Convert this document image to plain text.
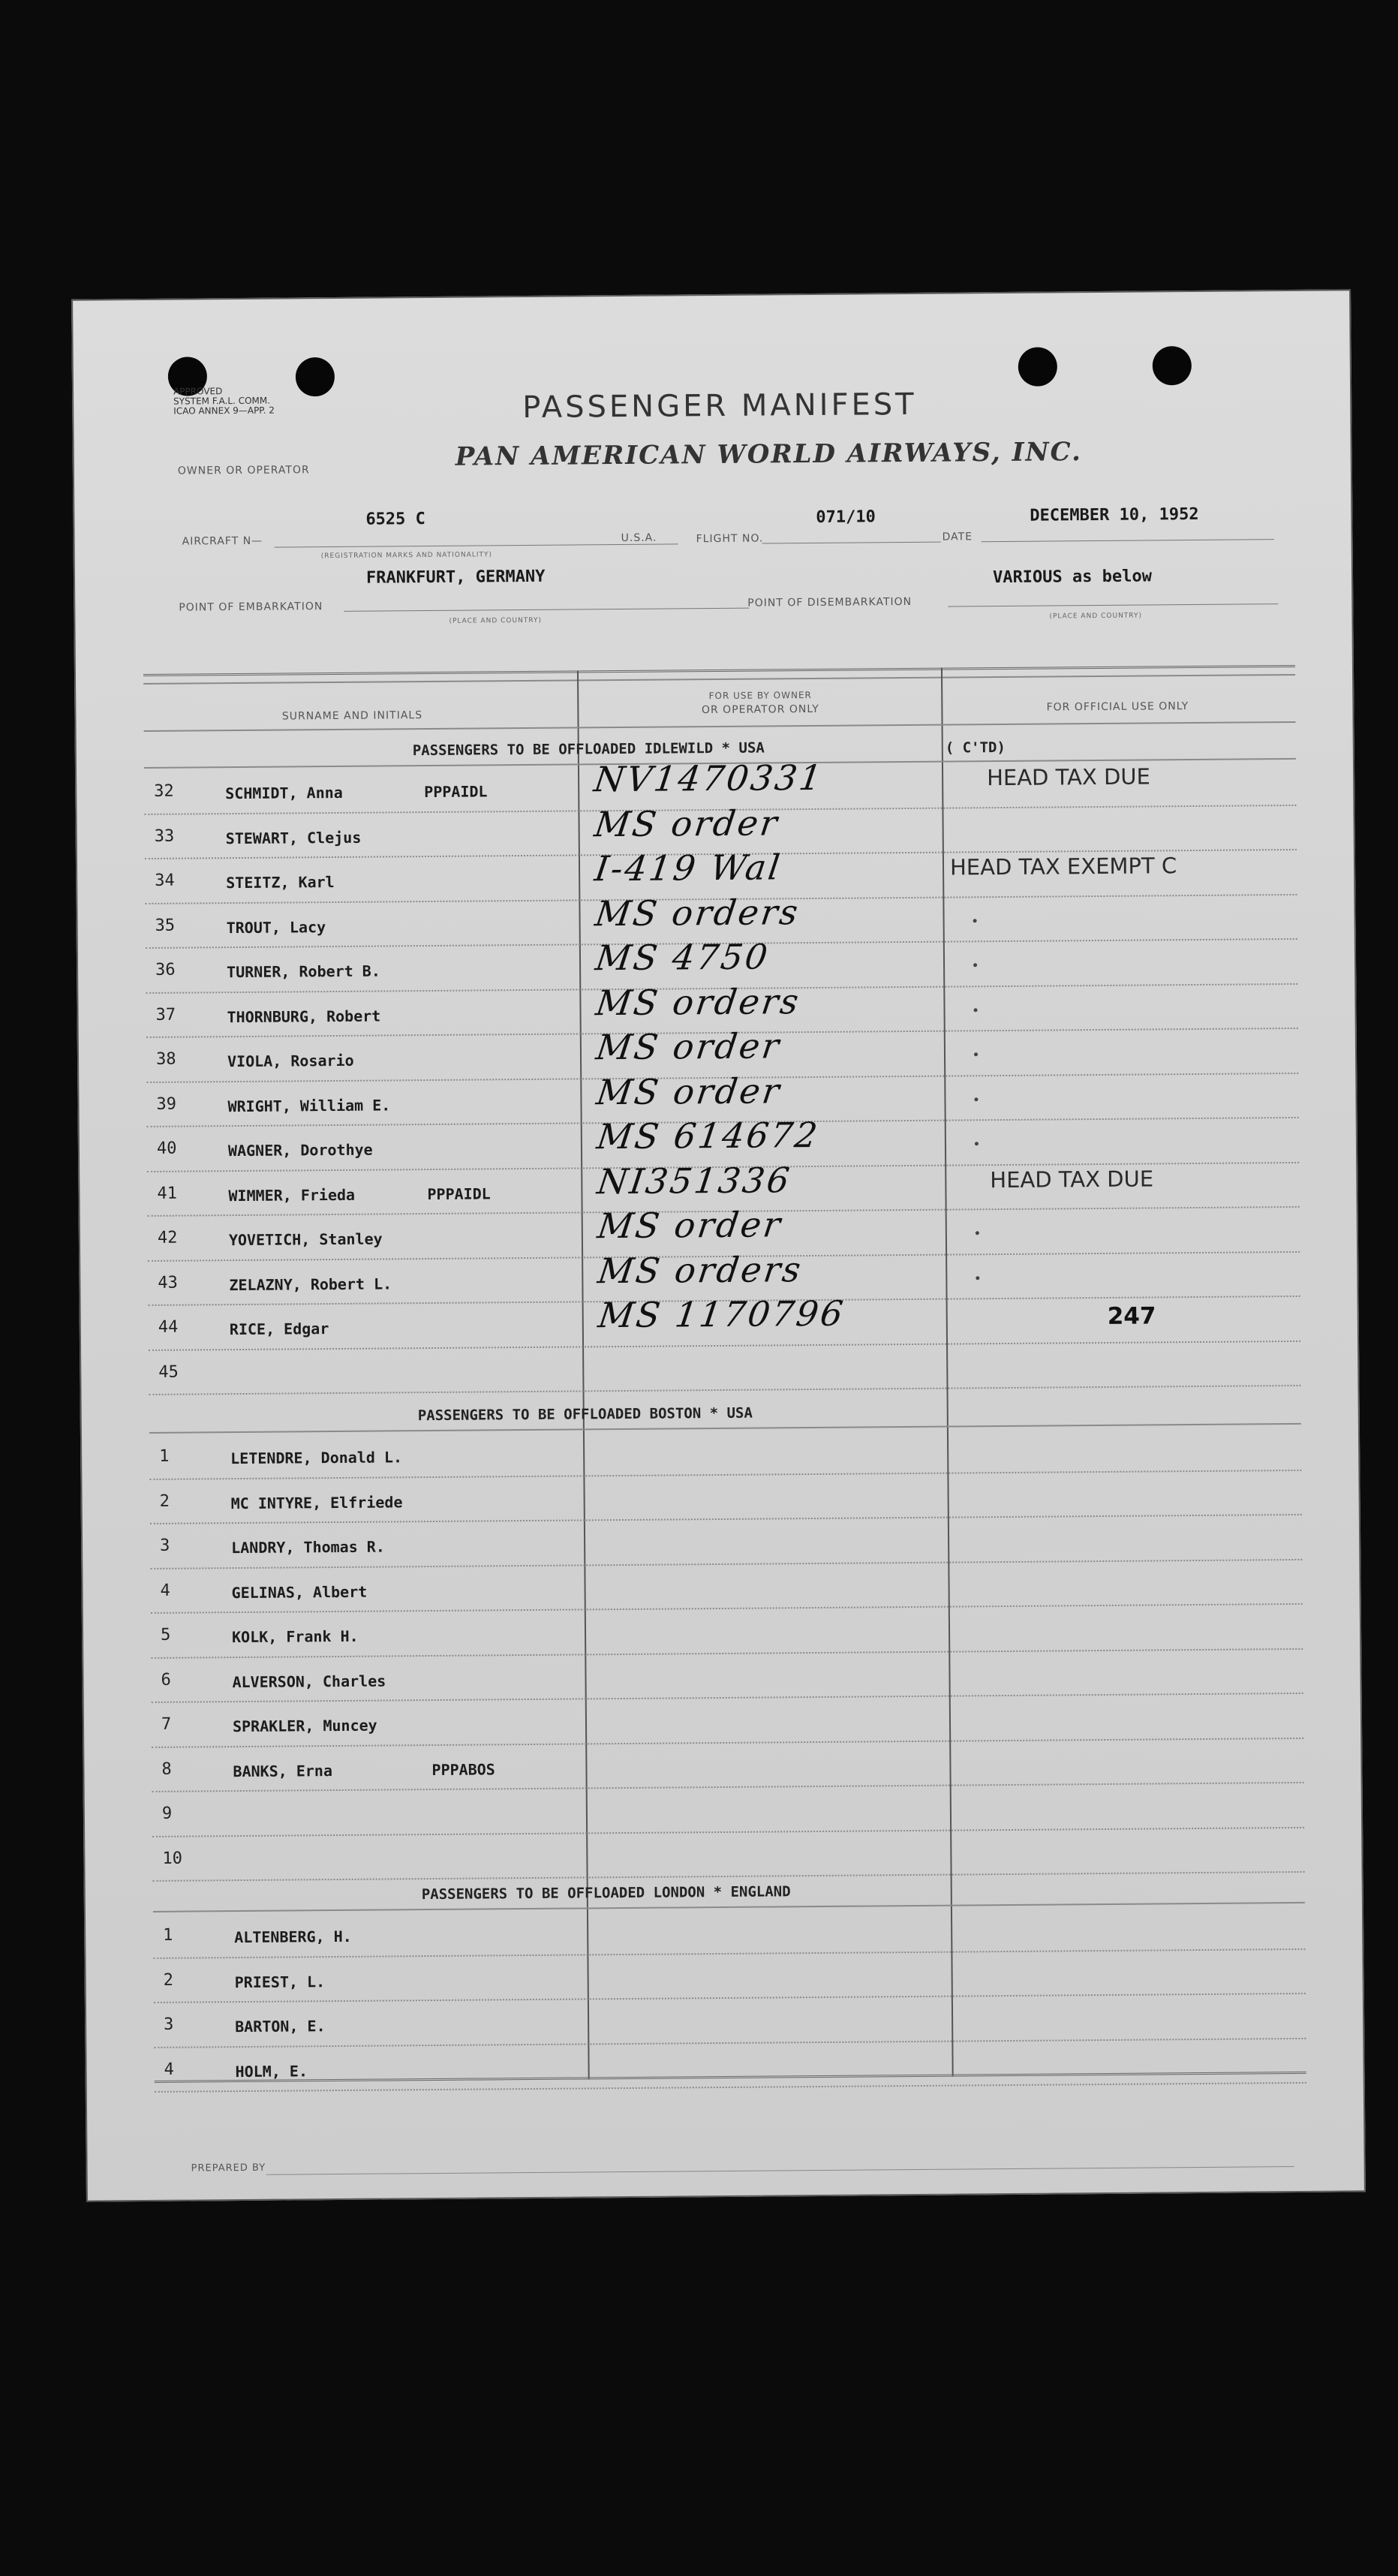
APPROVED
SYSTEM F.A.L. COMM.
ICAO ANNEX 9—APP. 2
OWNER OR OPERATOR
PASSENGER MANIFEST
PAN AMERICAN WORLD AIRWAYS, INC.
AIRCRAFT N—
6525 C
(REGISTRATION MARKS AND NATIONALITY)
U.S.A.	FLIGHT NO.
071/10
DATE
DECEMBER 10, 1952
FRANKFURT, GERMANY
POINT OF EMBARKATION
(PLACE AND COUNTRY)
POINT OF DISEMBARKATION
VARIOUS as below
(PLACE AND COUNTRY)
SURNAME AND INITIALS
FOR USE BY OWNER
OR OPERATOR ONLY	FOR OFFICIAL USE ONLY
PASSENGERS TO BE OFFLOADED IDLEWILD * USA	( C'TD)
32	SCHMIDT, Anna	PPPAIDL	NV1470331	HEAD TAX DUE
33	STEWART, Clejus	MS order
34	STEITZ, Karl	I-419 Wal	HEAD TAX EXEMPT C
35	TROUT, Lacy	MS orders
36	TURNER, Robert B.	MS 4750
37	THORNBURG, Robert	MS orders
38	VIOLA, Rosario	MS order
39	WRIGHT, William E.	MS order
40	WAGNER, Dorothye	MS 614672
41	WIMMER, Frieda	PPPAIDL	NI351336	HEAD TAX DUE
42	YOVETICH, Stanley	MS order
43	ZELAZNY, Robert L.	MS orders
44	RICE, Edgar	MS 1170796	247
45
PASSENGERS TO BE OFFLOADED BOSTON * USA
1	LETENDRE, Donald L.
2	MC INTYRE, Elfriede
3	LANDRY, Thomas R.
4	GELINAS, Albert
5	KOLK, Frank H.
6	ALVERSON, Charles
7	SPRAKLER, Muncey
8	BANKS, Erna	PPPABOS
9
10
PASSENGERS TO BE OFFLOADED LONDON * ENGLAND
1	ALTENBERG, H.
2	PRIEST, L.
3	BARTON, E.
4	HOLM, E.
PREPARED BY
